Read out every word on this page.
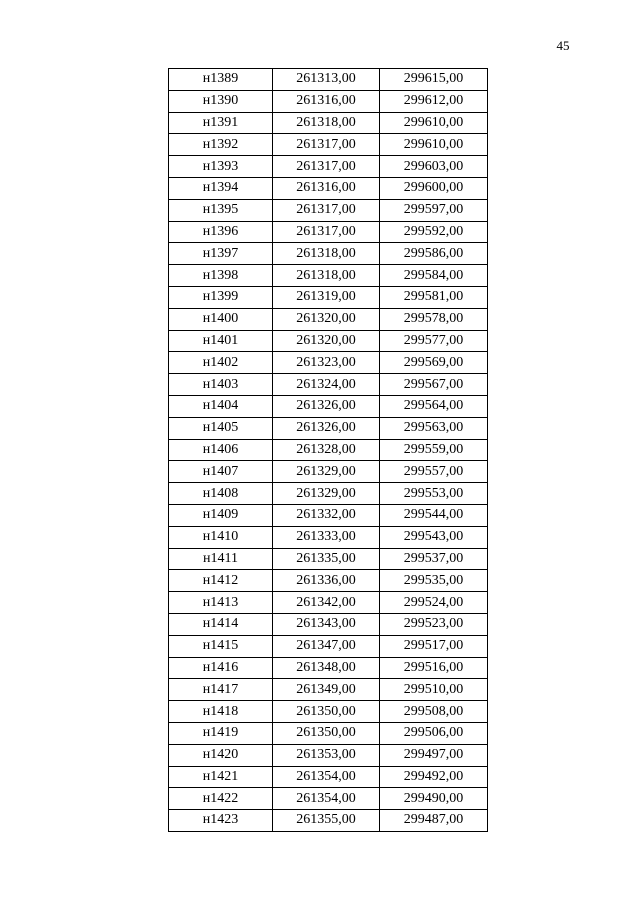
45
н1389	261313,00	299615,00
н1390	261316,00	299612,00
н1391	261318,00	299610,00
н1392	261317,00	299610,00
н1393	261317,00	299603,00
н1394	261316,00	299600,00
н1395	261317,00	299597,00
н1396	261317,00	299592,00
н1397	261318,00	299586,00
н1398	261318,00	299584,00
н1399	261319,00	299581,00
н1400	261320,00	299578,00
н1401	261320,00	299577,00
н1402	261323,00	299569,00
н1403	261324,00	299567,00
н1404	261326,00	299564,00
н1405	261326,00	299563,00
н1406	261328,00	299559,00
н1407	261329,00	299557,00
н1408	261329,00	299553,00
н1409	261332,00	299544,00
н1410	261333,00	299543,00
н1411	261335,00	299537,00
н1412	261336,00	299535,00
н1413	261342,00	299524,00
н1414	261343,00	299523,00
н1415	261347,00	299517,00
н1416	261348,00	299516,00
н1417	261349,00	299510,00
н1418	261350,00	299508,00
н1419	261350,00	299506,00
н1420	261353,00	299497,00
н1421	261354,00	299492,00
н1422	261354,00	299490,00
н1423	261355,00	299487,00
